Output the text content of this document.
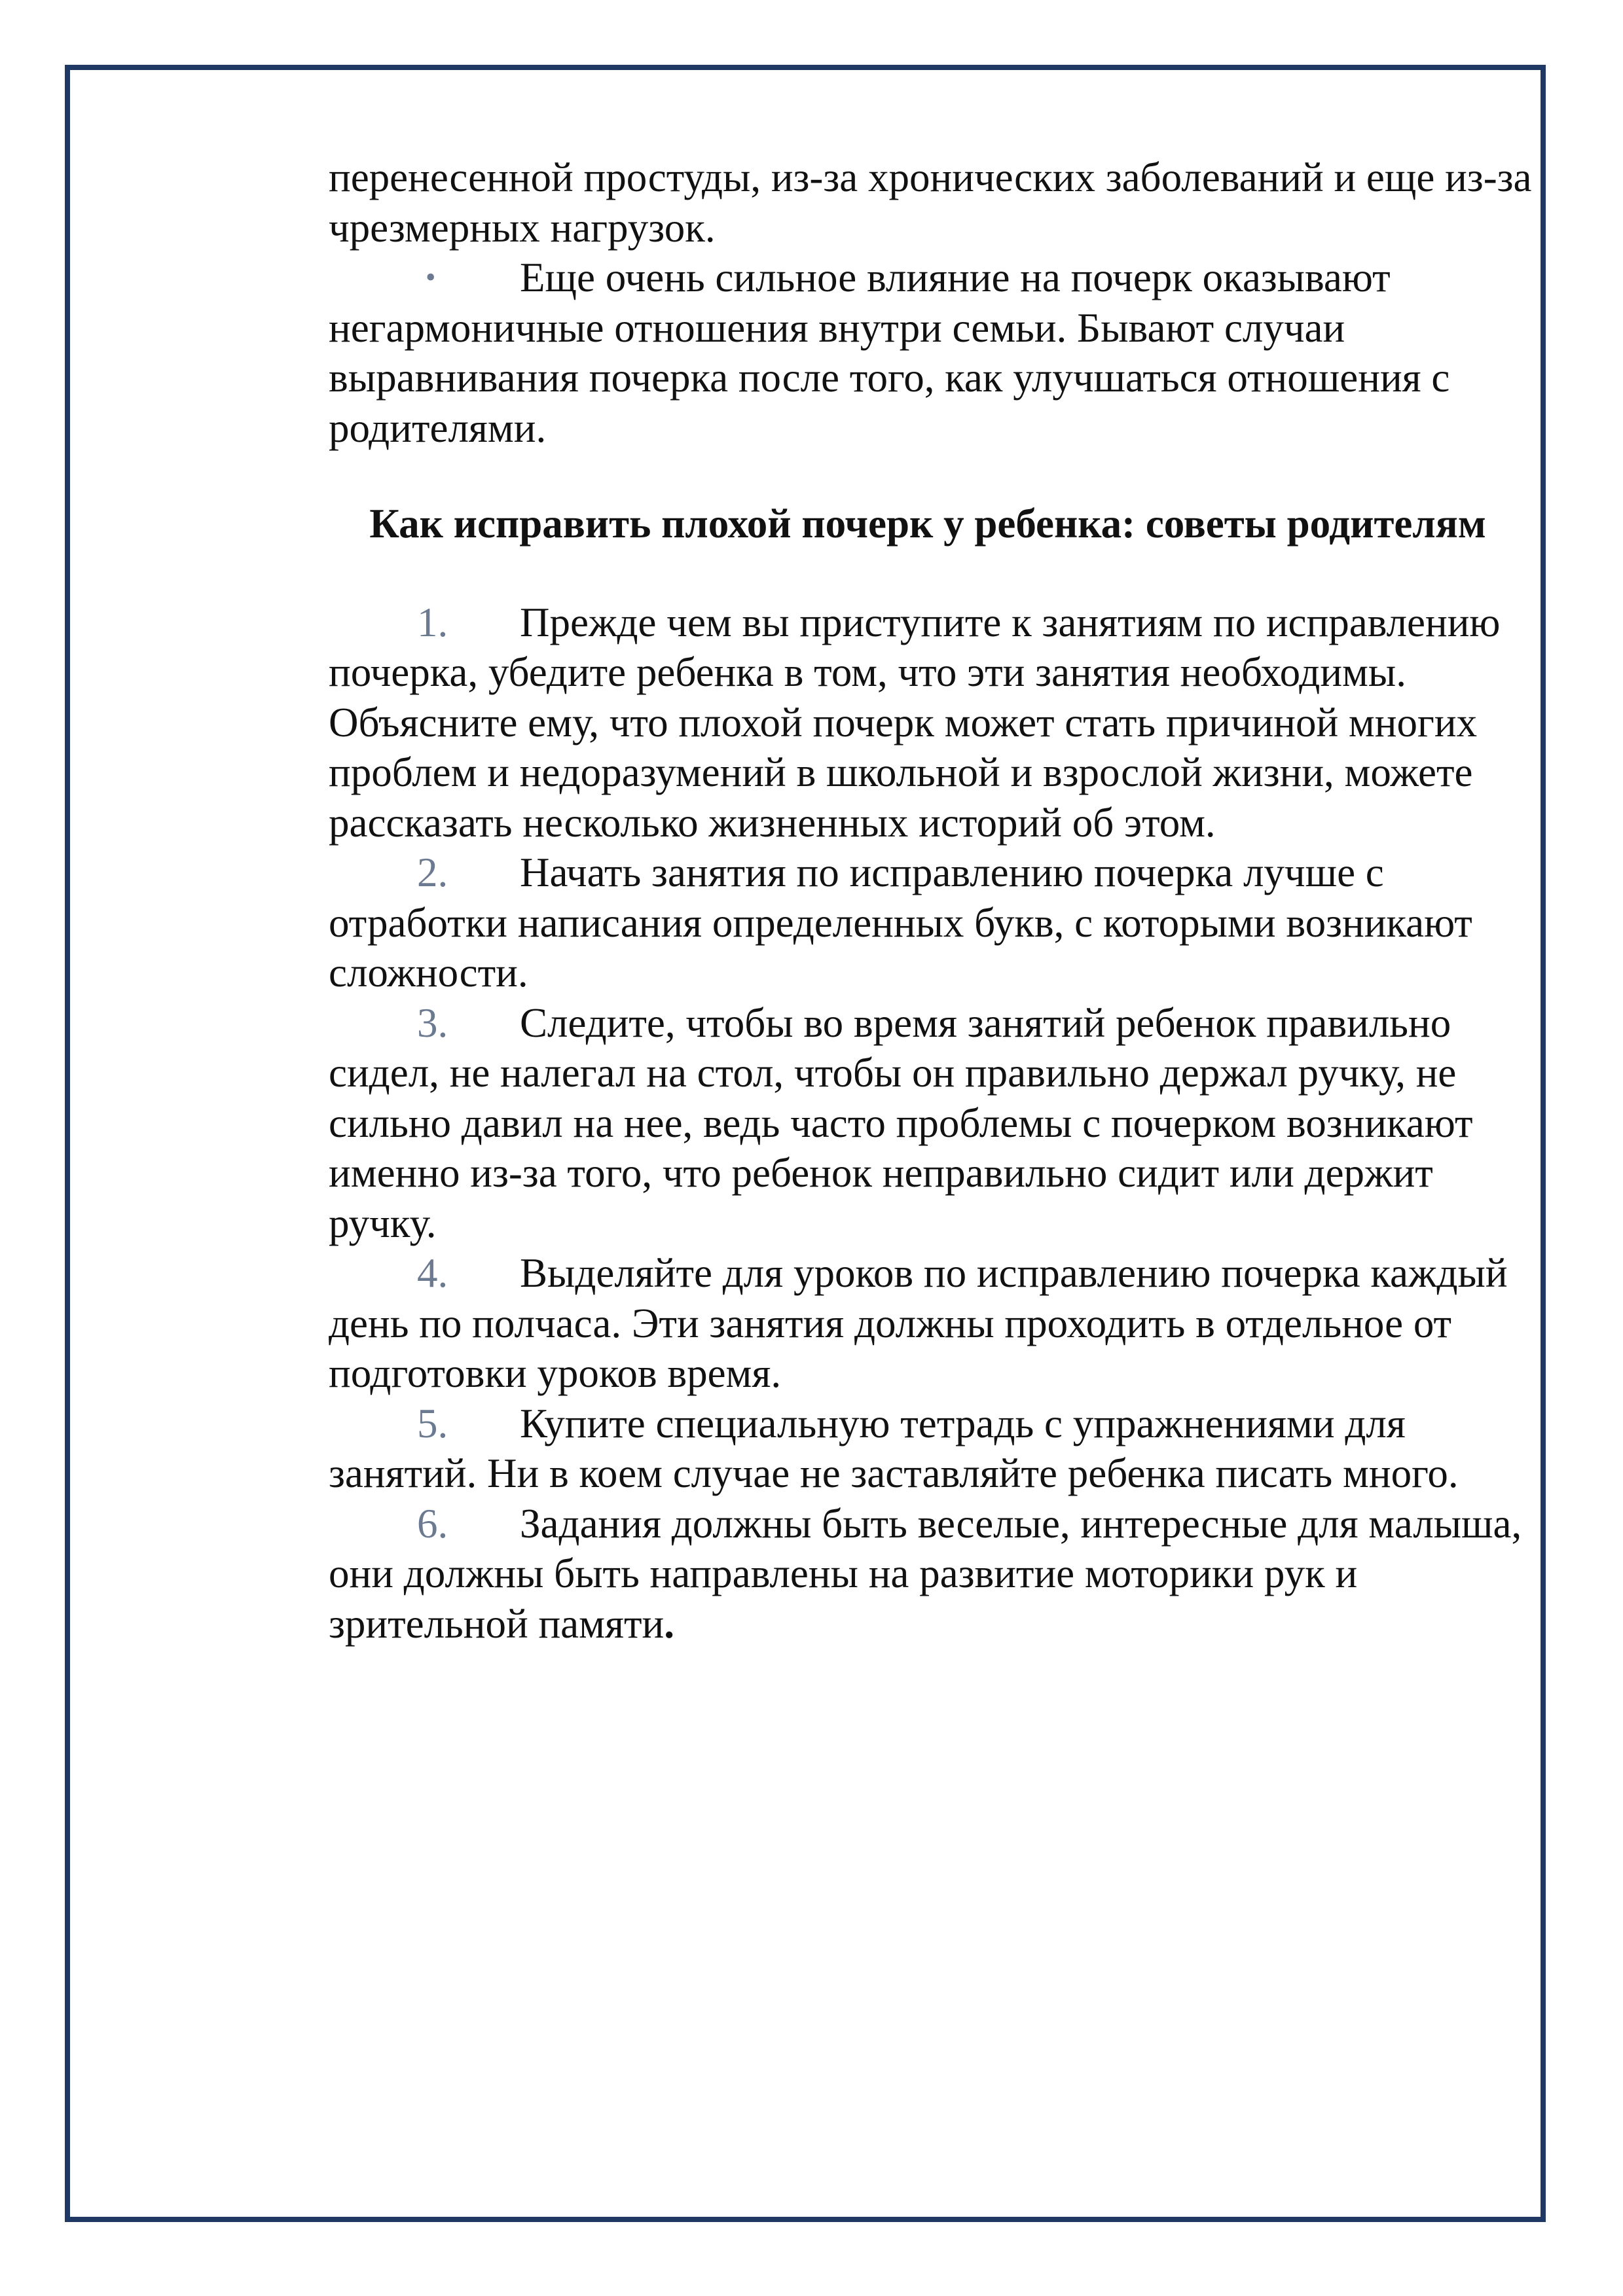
перенесенной простуды, из-за хронических заболеваний и еще из-за чрезмерных нагрузок.

• Еще очень сильное влияние на почерк оказывают негармоничные отношения внутри семьи. Бывают случаи выравнивания почерка после того, как улучшаться отношения с родителями.

Как исправить плохой почерк у ребенка: советы родителям

1. Прежде чем вы приступите к занятиям по исправлению почерка, убедите ребенка в том, что эти занятия необходимы. Объясните ему, что плохой почерк может стать причиной многих проблем и недоразумений в школьной и взрослой жизни, можете рассказать несколько жизненных историй об этом.

2. Начать занятия по исправлению почерка лучше с отработки написания определенных букв, с которыми возникают сложности.

3. Следите, чтобы во время занятий ребенок правильно сидел, не налегал на стол, чтобы он правильно держал ручку, не сильно давил на нее, ведь часто проблемы с почерком возникают именно из-за того, что ребенок неправильно сидит или держит ручку.

4. Выделяйте для уроков по исправлению почерка каждый день по полчаса. Эти занятия должны проходить в отдельное от подготовки уроков время.

5. Купите специальную тетрадь с упражнениями для занятий. Ни в коем случае не заставляйте ребенка писать много.

6. Задания должны быть веселые, интересные для малыша, они должны быть направлены на развитие моторики рук и зрительной памяти.
